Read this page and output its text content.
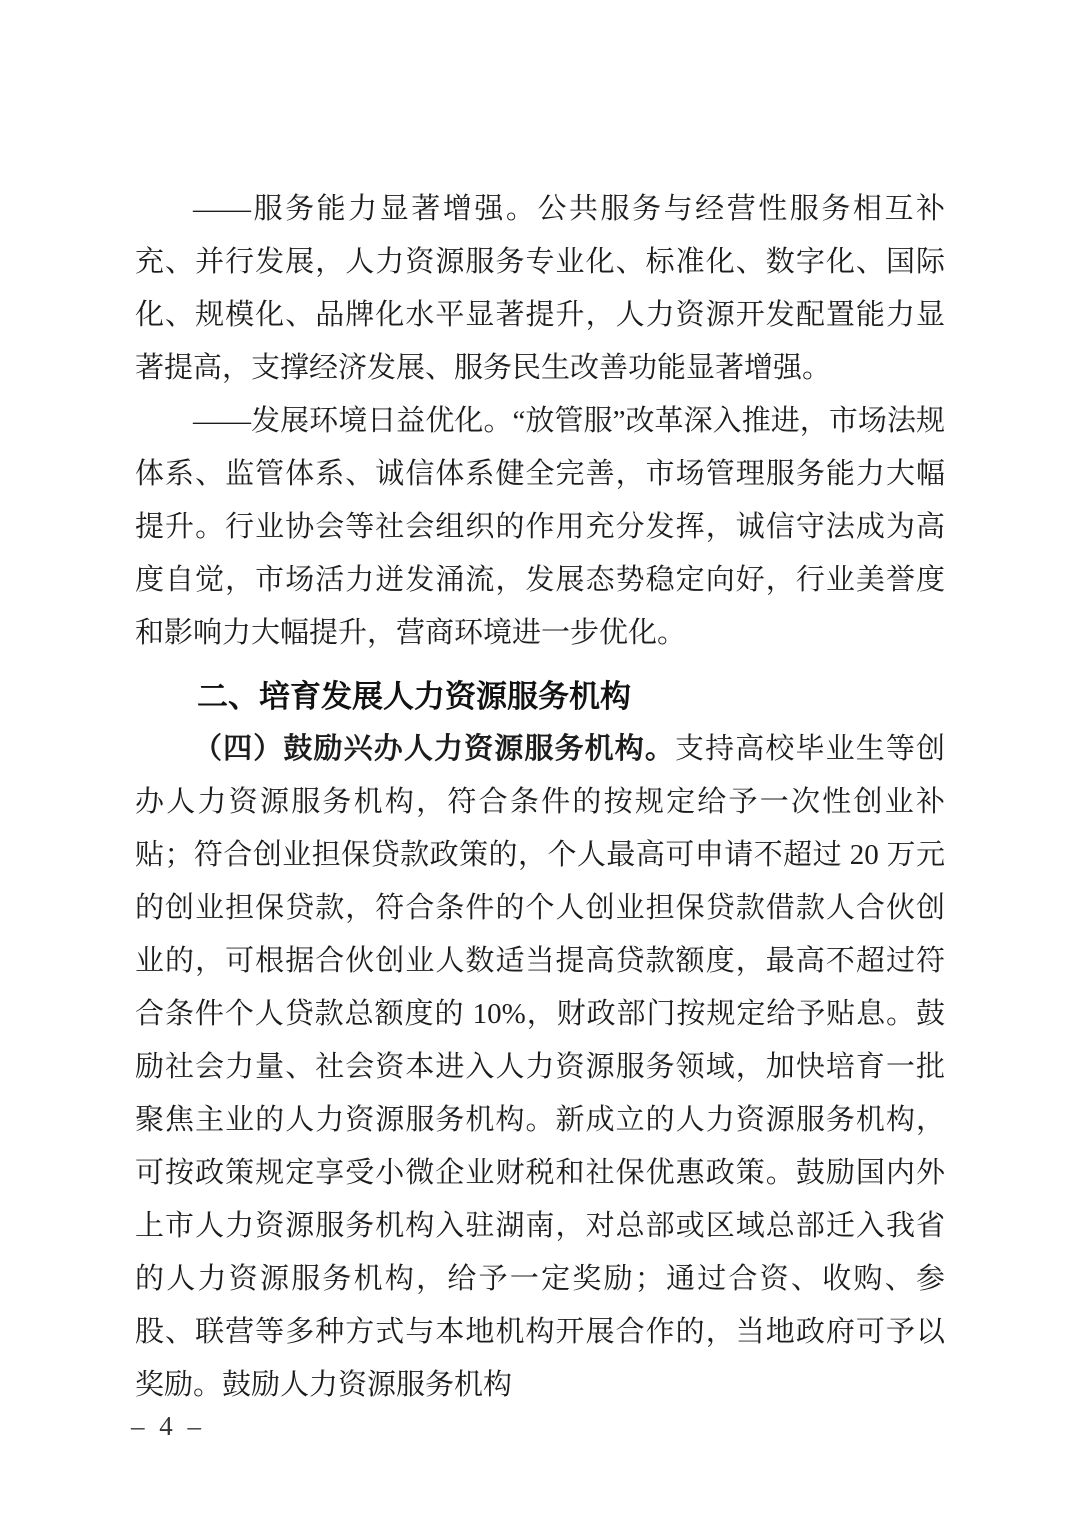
——服务能力显著增强。公共服务与经营性服务相互补充、并行发展，人力资源服务专业化、标准化、数字化、国际化、规模化、品牌化水平显著提升，人力资源开发配置能力显著提高，支撑经济发展、服务民生改善功能显著增强。

——发展环境日益优化。“放管服”改革深入推进，市场法规体系、监管体系、诚信体系健全完善，市场管理服务能力大幅提升。行业协会等社会组织的作用充分发挥，诚信守法成为高度自觉，市场活力迸发涌流，发展态势稳定向好，行业美誉度和影响力大幅提升，营商环境进一步优化。

二、培育发展人力资源服务机构

（四）鼓励兴办人力资源服务机构。支持高校毕业生等创办人力资源服务机构，符合条件的按规定给予一次性创业补贴；符合创业担保贷款政策的，个人最高可申请不超过 20 万元的创业担保贷款，符合条件的个人创业担保贷款借款人合伙创业的，可根据合伙创业人数适当提高贷款额度，最高不超过符合条件个人贷款总额度的 10%，财政部门按规定给予贴息。鼓励社会力量、社会资本进入人力资源服务领域，加快培育一批聚焦主业的人力资源服务机构。新成立的人力资源服务机构，可按政策规定享受小微企业财税和社保优惠政策。鼓励国内外上市人力资源服务机构入驻湖南，对总部或区域总部迁入我省的人力资源服务机构，给予一定奖励；通过合资、收购、参股、联营等多种方式与本地机构开展合作的，当地政府可予以奖励。鼓励人力资源服务机构

– 4 –
